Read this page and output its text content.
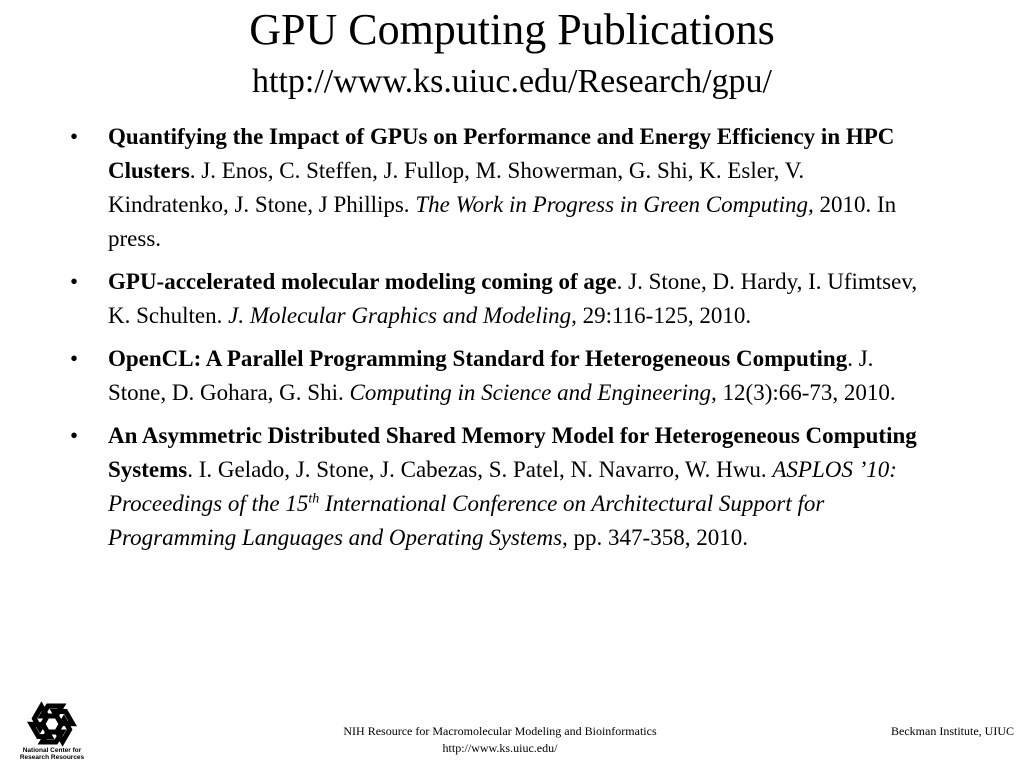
GPU Computing Publications
http://www.ks.uiuc.edu/Research/gpu/
• Quantifying the Impact of GPUs on Performance and Energy Efficiency in HPC Clusters. J. Enos, C. Steffen, J. Fullop, M. Showerman, G. Shi, K. Esler, V. Kindratenko, J. Stone, J Phillips. The Work in Progress in Green Computing, 2010. In press.
• GPU-accelerated molecular modeling coming of age. J. Stone, D. Hardy, I. Ufimtsev, K. Schulten. J. Molecular Graphics and Modeling, 29:116-125, 2010.
• OpenCL: A Parallel Programming Standard for Heterogeneous Computing. J. Stone, D. Gohara, G. Shi. Computing in Science and Engineering, 12(3):66-73, 2010.
• An Asymmetric Distributed Shared Memory Model for Heterogeneous Computing Systems. I. Gelado, J. Stone, J. Cabezas, S. Patel, N. Navarro, W. Hwu. ASPLOS ’10: Proceedings of the 15th International Conference on Architectural Support for Programming Languages and Operating Systems, pp. 347-358, 2010.
National Center for
Research Resources
NIH Resource for Macromolecular Modeling and Bioinformatics
http://www.ks.uiuc.edu/
Beckman Institute, UIUC
